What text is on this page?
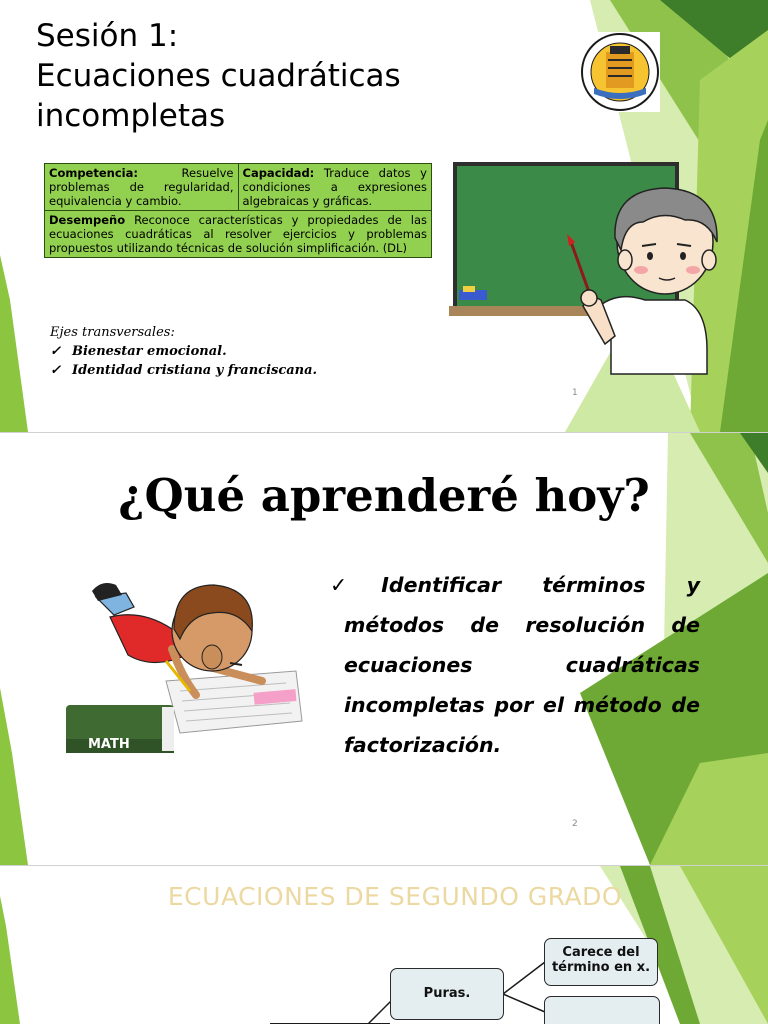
Sesión 1:
Ecuaciones cuadráticas
incompletas
Competencia:	Resuelve problemas de regularidad, equivalencia y cambio.	Capacidad: Traduce datos y condiciones a expresiones algebraicas y gráficas.
Desempeño Reconoce características y propiedades de las ecuaciones cuadráticas al resolver ejercicios y problemas propuestos utilizando técnicas de solución simplificación. (DL)
Ejes transversales:
✓ Bienestar emocional.
✓ Identidad cristiana y franciscana.
1
¿Qué aprenderé hoy?
MATH
✓Identificar términos y métodos de resolución de ecuaciones cuadráticas incompletas por el método de factorización.
2
ECUACIONES DE SEGUNDO GRADO
Puras.
Carece del
término en x.
